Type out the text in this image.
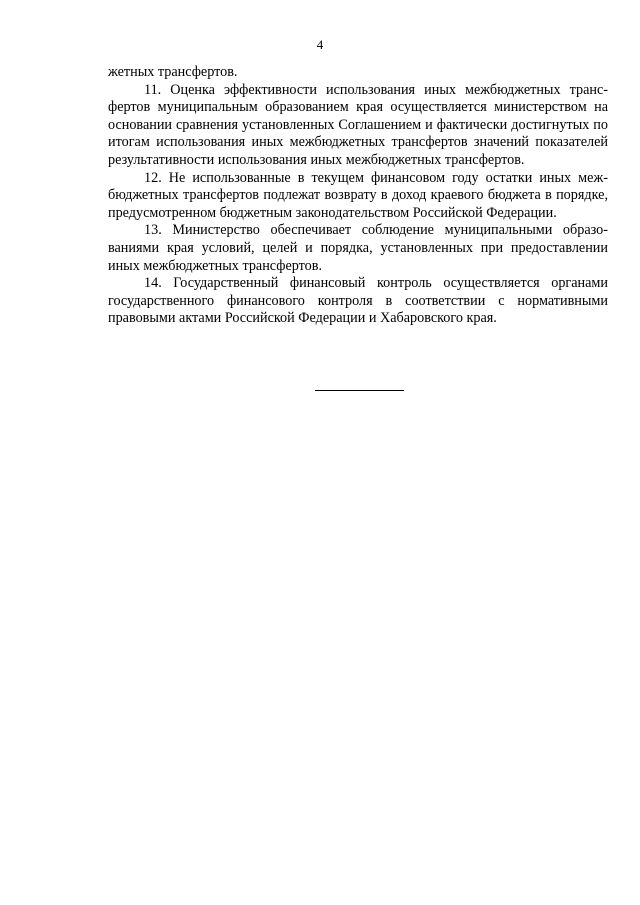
4

жетных трансфертов.

11. Оценка эффективности использования иных межбюджетных трансфертов муниципальным образованием края осуществляется министерством на основании сравнения установленных Соглашением и фактически достигнутых по итогам использования иных межбюджетных трансфертов значений показателей результативности использования иных межбюджетных трансфертов.

12. Не использованные в текущем финансовом году остатки иных межбюджетных трансфертов подлежат возврату в доход краевого бюджета в порядке, предусмотренном бюджетным законодательством Российской Федерации.

13. Министерство обеспечивает соблюдение муниципальными образованиями края условий, целей и порядка, установленных при предоставлении иных межбюджетных трансфертов.

14. Государственный финансовый контроль осуществляется органами государственного финансового контроля в соответствии с нормативными правовыми актами Российской Федерации и Хабаровского края.
